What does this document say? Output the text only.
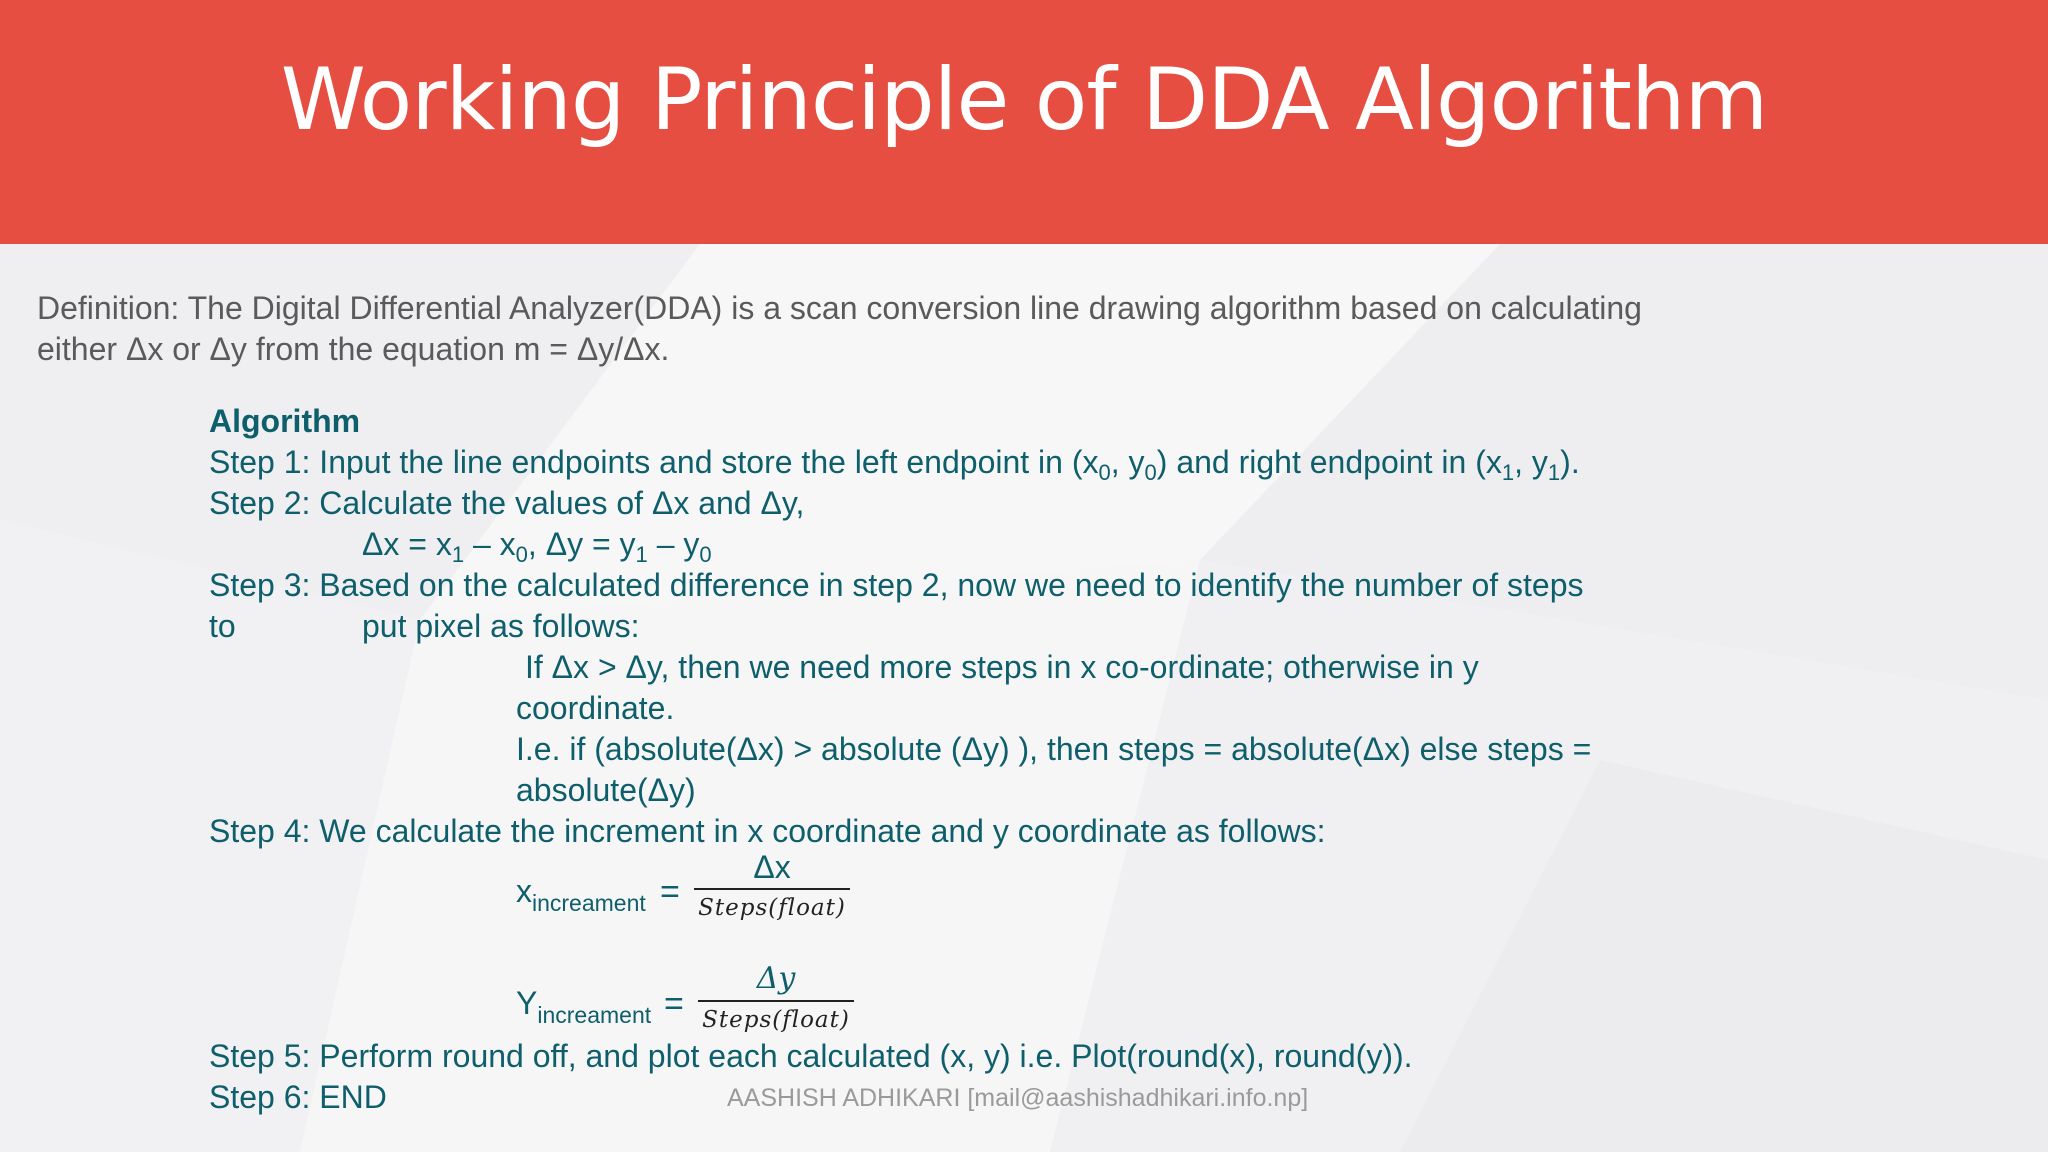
Working Principle of DDA Algorithm
Definition: The Digital Differential Analyzer(DDA) is a scan conversion line drawing algorithm based on calculating
either Δx or Δy from the equation m = Δy/Δx.
Algorithm
Step 1: Input the line endpoints and store the left endpoint in ($x_0$, $y_0$) and right endpoint in ($x_1$, $y_1$).
Step 2: Calculate the values of Δx and Δy,
$\Delta x = x_1 - x_0$, $\Delta y = y_1 - y_0$
Step 3: Based on the calculated difference in step 2, now we need to identify the number of steps
to	put pixel as follows:
If Δx > Δy, then we need more steps in x co-ordinate; otherwise in y
coordinate.
I.e. if (absolute(Δx) > absolute (Δy) ), then steps = absolute(Δx) else steps =
absolute(Δy)
Step 4: We calculate the increment in x coordinate and y coordinate as follows:
$x_{increament}$ =
Δx
Steps(float)
$Y_{increament}$ =
Δy
Steps(float)
Step 5: Perform round off, and plot each calculated (x, y) i.e. Plot(round(x), round(y)).
Step 6: END	AASHISH ADHIKARI [mail@aashishadhikari.info.np]
